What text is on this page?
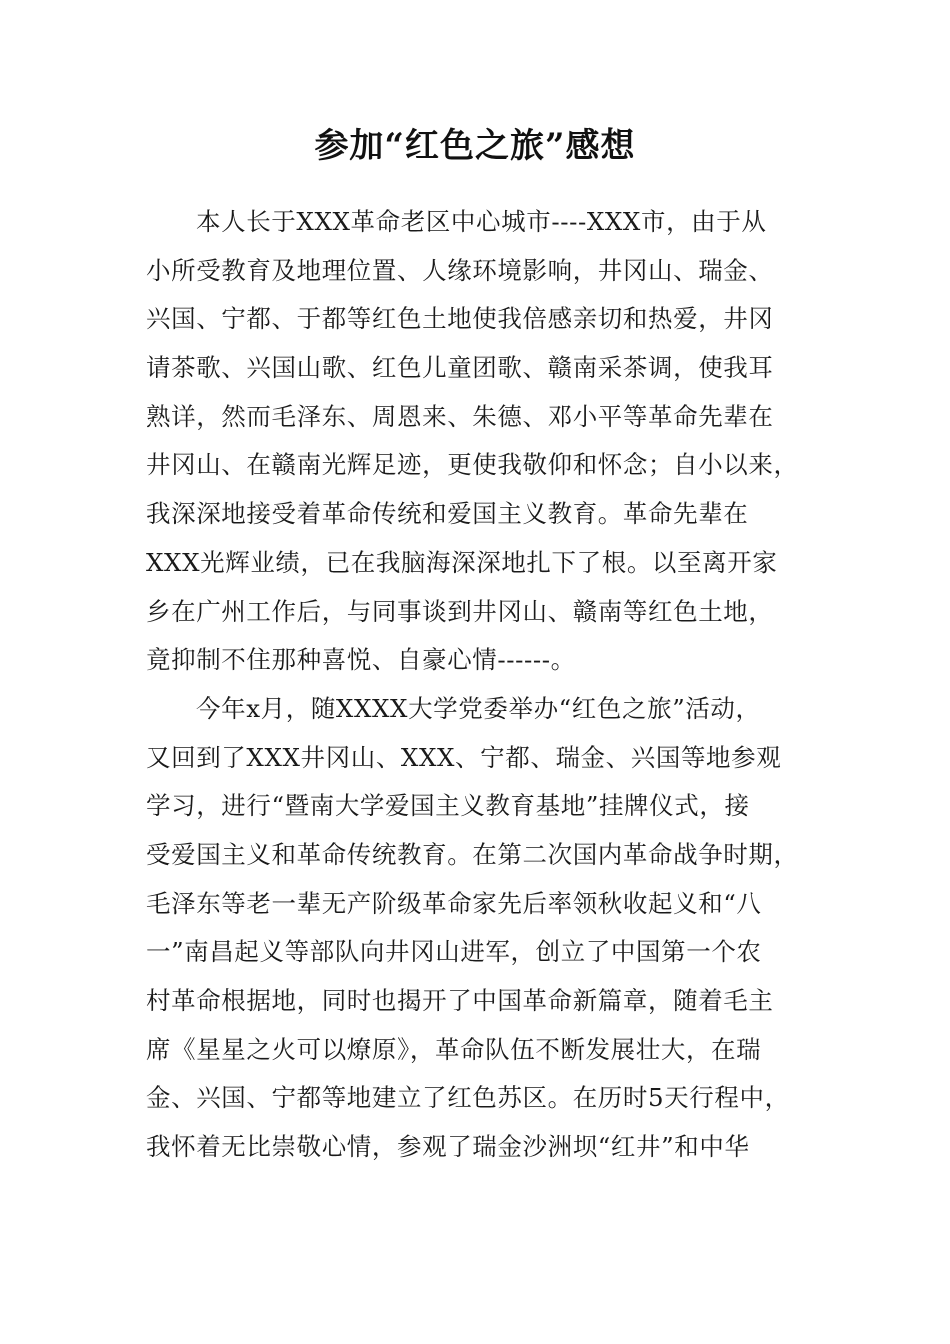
参加“红色之旅”感想
本人长于XXX革命老区中心城市----XXX市，由于从
小所受教育及地理位置、人缘环境影响，井冈山、瑞金、
兴国、宁都、于都等红色土地使我倍感亲切和热爱，井冈
请茶歌、兴国山歌、红色儿童团歌、赣南采茶调，使我耳
熟详，然而毛泽东、周恩来、朱德、邓小平等革命先辈在
井冈山、在赣南光辉足迹，更使我敬仰和怀念；自小以来，
我深深地接受着革命传统和爱国主义教育。革命先辈在
XXX光辉业绩，已在我脑海深深地扎下了根。以至离开家
乡在广州工作后，与同事谈到井冈山、赣南等红色土地，
竟抑制不住那种喜悦、自豪心情------。
今年x月，随XXXX大学党委举办“红色之旅”活动，
又回到了XXX井冈山、XXX、宁都、瑞金、兴国等地参观
学习，进行“暨南大学爱国主义教育基地”挂牌仪式，接
受爱国主义和革命传统教育。在第二次国内革命战争时期，
毛泽东等老一辈无产阶级革命家先后率领秋收起义和“八
一”南昌起义等部队向井冈山进军，创立了中国第一个农
村革命根据地，同时也揭开了中国革命新篇章，随着毛主
席《星星之火可以燎原》，革命队伍不断发展壮大，在瑞
金、兴国、宁都等地建立了红色苏区。在历时5天行程中，
我怀着无比崇敬心情，参观了瑞金沙洲坝“红井”和中华
